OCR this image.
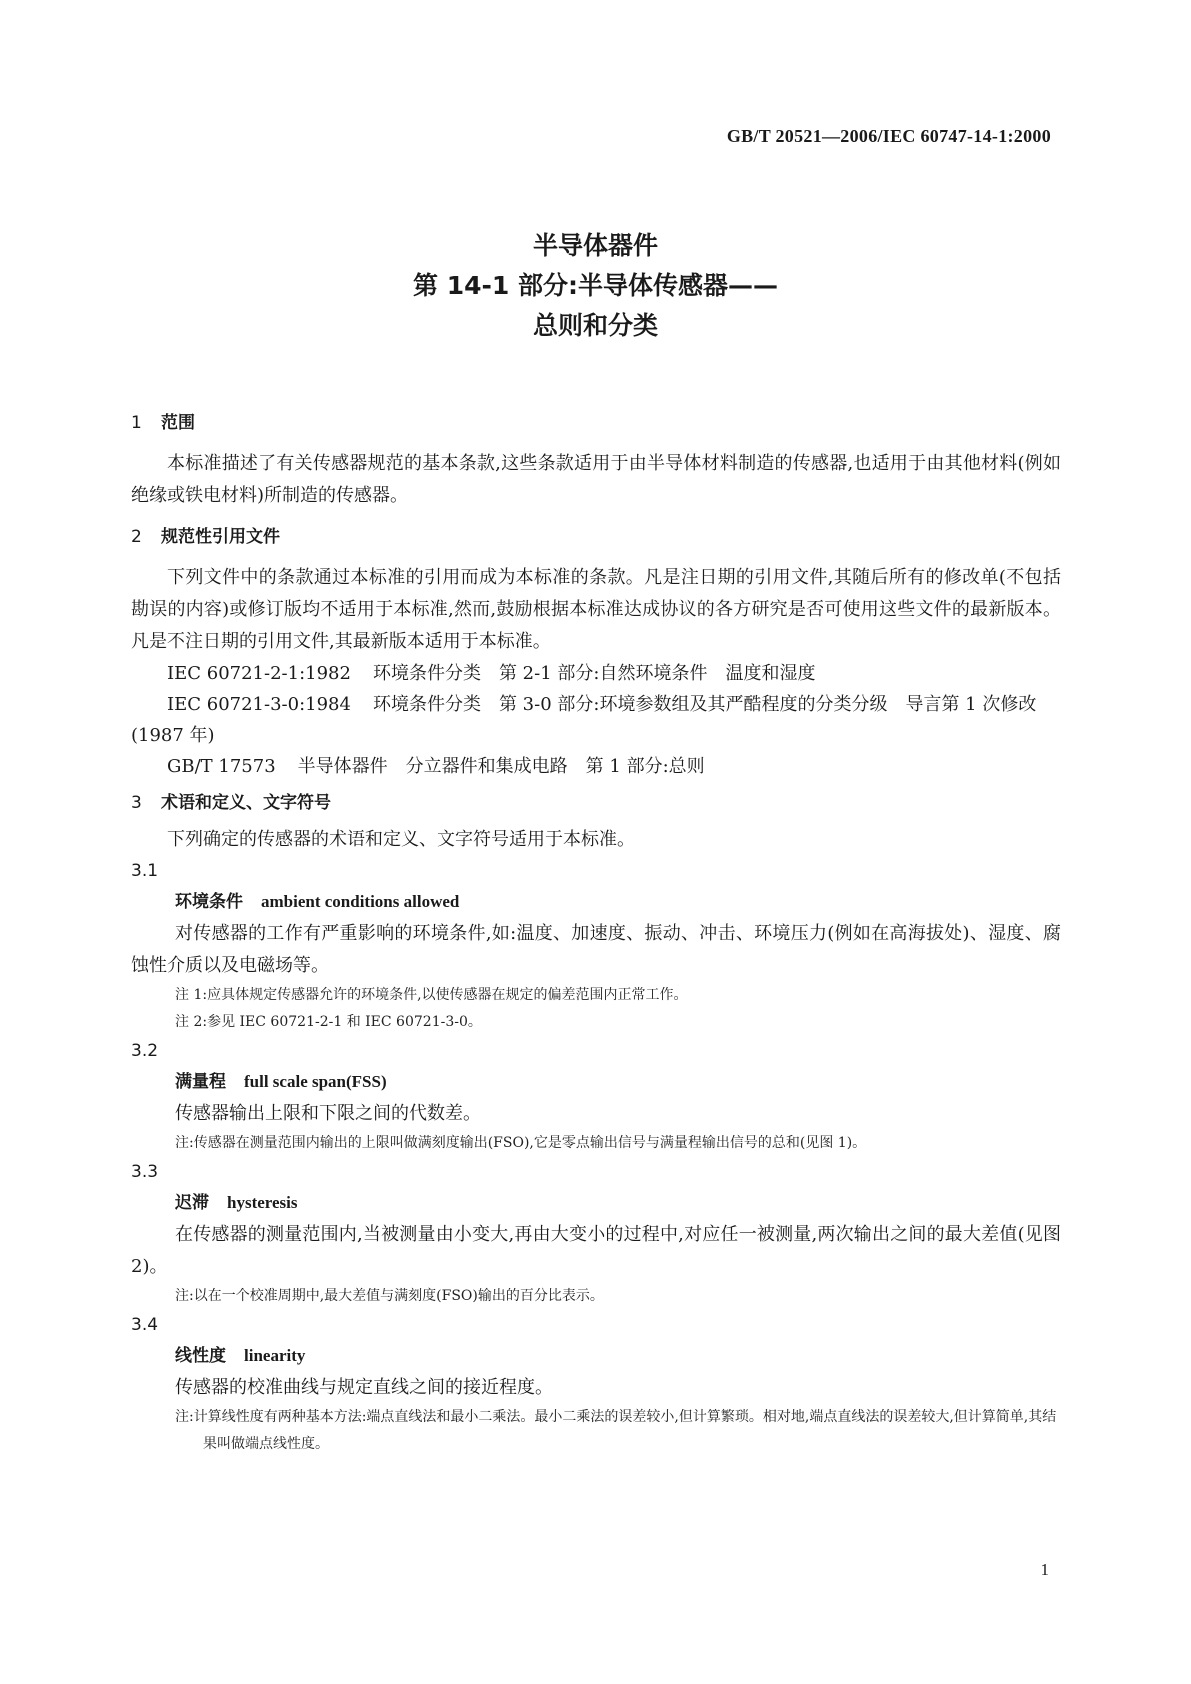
GB/T 20521—2006/IEC 60747-14-1:2000
半导体器件
第 14-1 部分:半导体传感器——
总则和分类
1 范围

本标准描述了有关传感器规范的基本条款,这些条款适用于由半导体材料制造的传感器,也适用于由其他材料(例如绝缘或铁电材料)所制造的传感器。

2 规范性引用文件

下列文件中的条款通过本标准的引用而成为本标准的条款。凡是注日期的引用文件,其随后所有的修改单(不包括勘误的内容)或修订版均不适用于本标准,然而,鼓励根据本标准达成协议的各方研究是否可使用这些文件的最新版本。凡是不注日期的引用文件,其最新版本适用于本标准。

IEC 60721-2-1:1982 环境条件分类　第 2-1 部分:自然环境条件　温度和湿度

IEC 60721-3-0:1984 环境条件分类　第 3-0 部分:环境参数组及其严酷程度的分类分级　导言第 1 次修改(1987 年)

GB/T 17573 半导体器件　分立器件和集成电路　第 1 部分:总则

3 术语和定义、文字符号

下列确定的传感器的术语和定义、文字符号适用于本标准。

3.1
环境条件 ambient conditions allowed

对传感器的工作有严重影响的环境条件,如:温度、加速度、振动、冲击、环境压力(例如在高海拔处)、湿度、腐蚀性介质以及电磁场等。

注 1:应具体规定传感器允许的环境条件,以使传感器在规定的偏差范围内正常工作。

注 2:参见 IEC 60721-2-1 和 IEC 60721-3-0。

3.2
满量程 full scale span(FSS)

传感器输出上限和下限之间的代数差。

注:传感器在测量范围内输出的上限叫做满刻度输出(FSO),它是零点输出信号与满量程输出信号的总和(见图 1)。

3.3
迟滞 hysteresis

在传感器的测量范围内,当被测量由小变大,再由大变小的过程中,对应任一被测量,两次输出之间的最大差值(见图 2)。

注:以在一个校准周期中,最大差值与满刻度(FSO)输出的百分比表示。

3.4
线性度 linearity

传感器的校准曲线与规定直线之间的接近程度。

注:计算线性度有两种基本方法:端点直线法和最小二乘法。最小二乘法的误差较小,但计算繁琐。相对地,端点直线法的误差较大,但计算简单,其结果叫做端点线性度。

1
